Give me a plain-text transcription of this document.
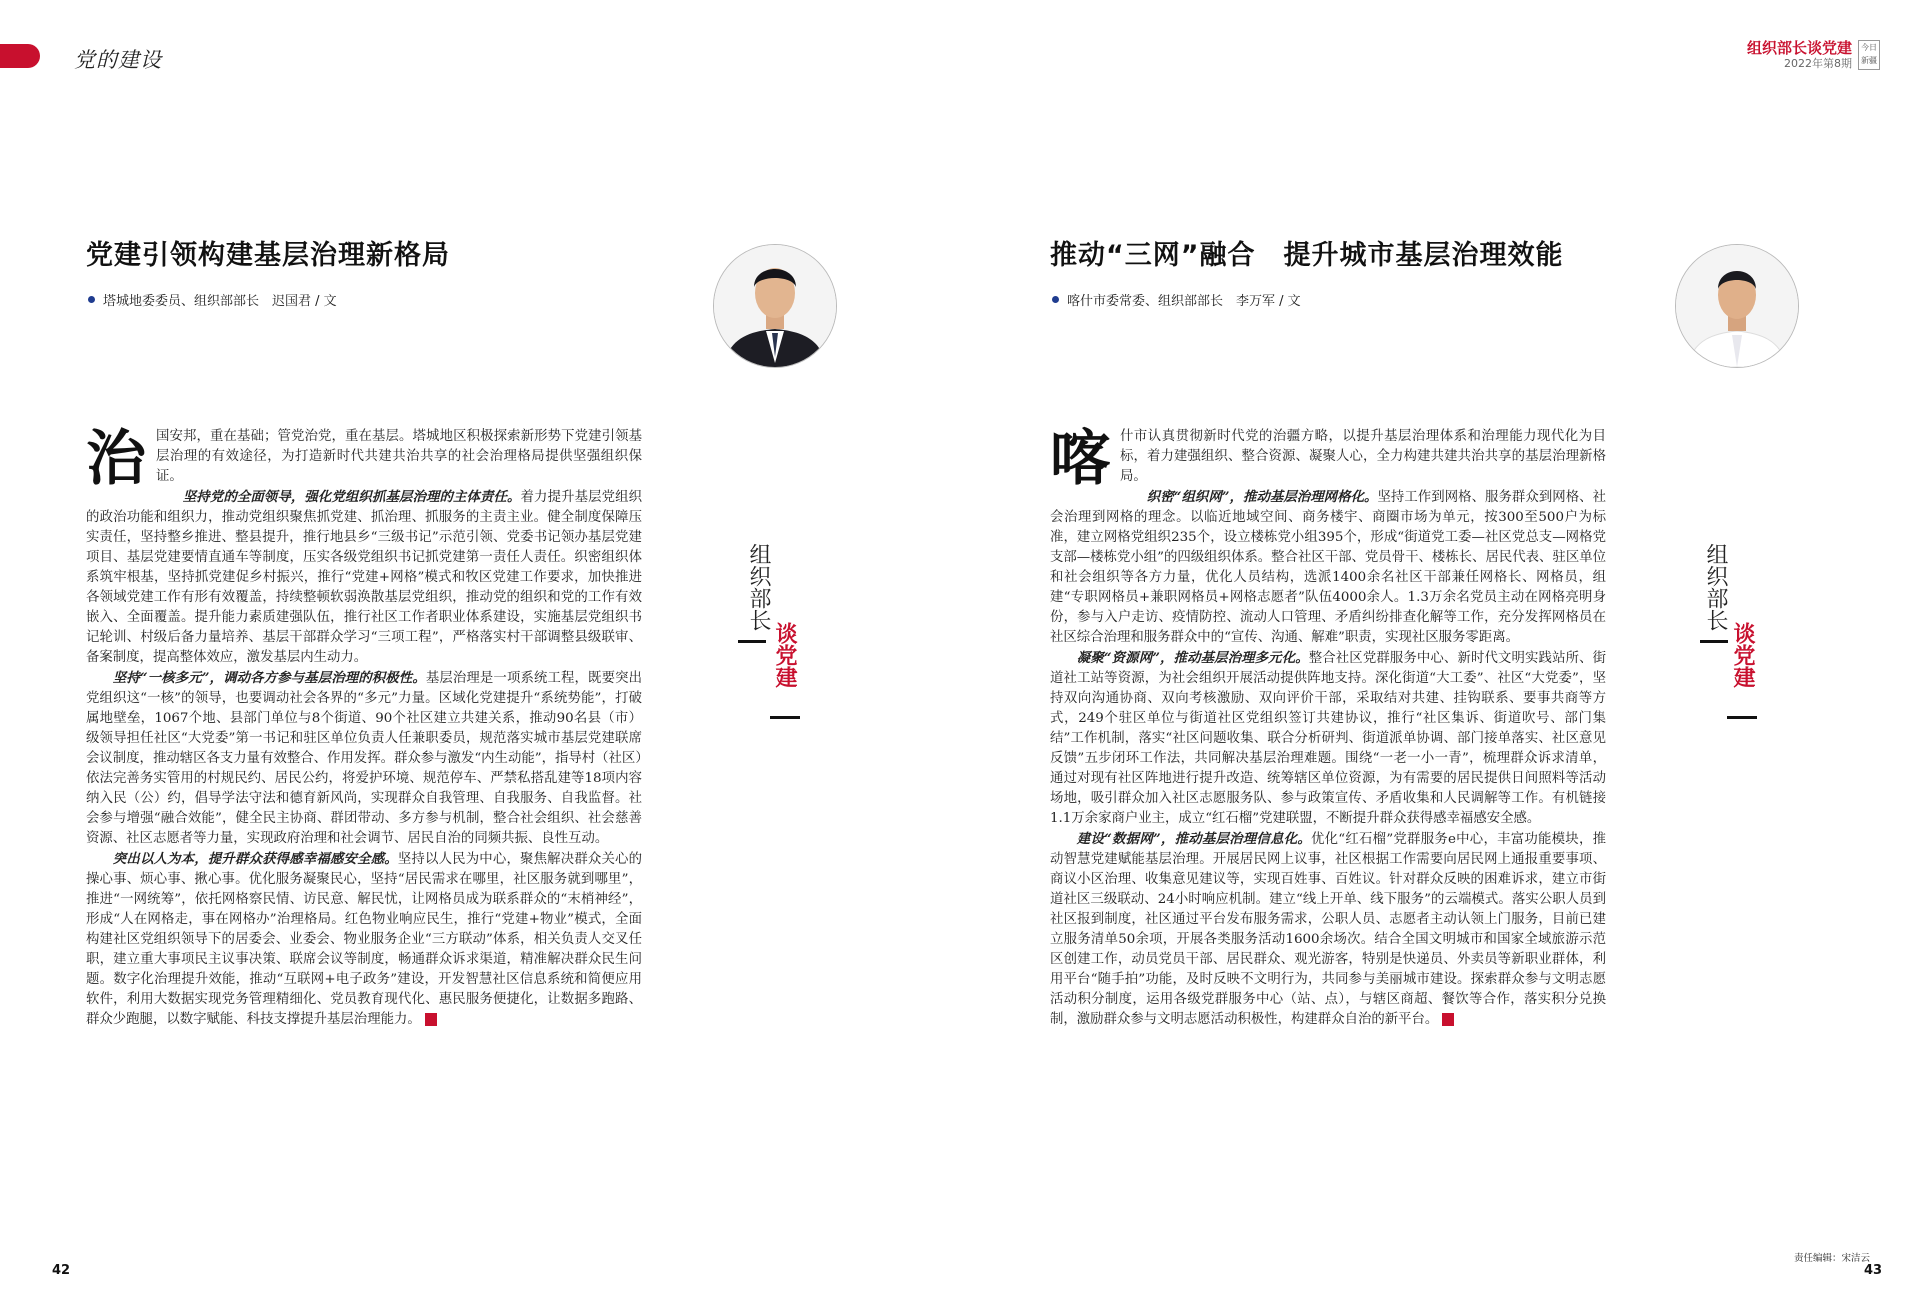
党的建设	组织部长谈党建
2022年第8期
今日新疆
党建引领构建基层治理新格局
塔城地委委员、组织部部长　迟国君 / 文
组织部长
谈党建

治国安邦，重在基础；管党治党，重在基层。塔城地区积极探索新形势下党建引领基层治理的有效途径，为打造新时代共建共治共享的社会治理格局提供坚强组织保证。

坚持党的全面领导，强化党组织抓基层治理的主体责任。着力提升基层党组织的政治功能和组织力，推动党组织聚焦抓党建、抓治理、抓服务的主责主业。健全制度保障压实责任，坚持整乡推进、整县提升，推行地县乡“三级书记”示范引领、党委书记领办基层党建项目、基层党建要情直通车等制度，压实各级党组织书记抓党建第一责任人责任。织密组织体系筑牢根基，坚持抓党建促乡村振兴，推行“党建+网格”模式和牧区党建工作要求，加快推进各领域党建工作有形有效覆盖，持续整顿软弱涣散基层党组织，推动党的组织和党的工作有效嵌入、全面覆盖。提升能力素质建强队伍，推行社区工作者职业体系建设，实施基层党组织书记轮训、村级后备力量培养、基层干部群众学习“三项工程”，严格落实村干部调整县级联审、备案制度，提高整体效应，激发基层内生动力。

坚持“一核多元”，调动各方参与基层治理的积极性。基层治理是一项系统工程，既要突出党组织这“一核”的领导，也要调动社会各界的“多元”力量。区域化党建提升“系统势能”，打破属地壁垒，1067个地、县部门单位与8个街道、90个社区建立共建关系，推动90名县（市）级领导担任社区“大党委”第一书记和驻区单位负责人任兼职委员，规范落实城市基层党建联席会议制度，推动辖区各支力量有效整合、作用发挥。群众参与激发“内生动能”，指导村（社区）依法完善务实管用的村规民约、居民公约，将爱护环境、规范停车、严禁私搭乱建等18项内容纳入民（公）约，倡导学法守法和德育新风尚，实现群众自我管理、自我服务、自我监督。社会参与增强“融合效能”，健全民主协商、群团带动、多方参与机制，整合社会组织、社会慈善资源、社区志愿者等力量，实现政府治理和社会调节、居民自治的同频共振、良性互动。

突出以人为本，提升群众获得感幸福感安全感。坚持以人民为中心，聚焦解决群众关心的操心事、烦心事、揪心事。优化服务凝聚民心，坚持“居民需求在哪里，社区服务就到哪里”，推进“一网统筹”，依托网格察民情、访民意、解民忧，让网格员成为联系群众的“末梢神经”，形成“人在网格走，事在网格办”治理格局。红色物业响应民生，推行“党建+物业”模式，全面构建社区党组织领导下的居委会、业委会、物业服务企业“三方联动”体系，相关负责人交叉任职，建立重大事项民主议事决策、联席会议等制度，畅通群众诉求渠道，精准解决群众民生问题。数字化治理提升效能，推动“互联网+电子政务”建设，开发智慧社区信息系统和简便应用软件，利用大数据实现党务管理精细化、党员教育现代化、惠民服务便捷化，让数据多跑路、群众少跑腿，以数字赋能、科技支撑提升基层治理能力。	J

42
推动“三网”融合　提升城市基层治理效能
喀什市委常委、组织部部长　李万军 / 文
组织部长
谈党建

喀什市认真贯彻新时代党的治疆方略，以提升基层治理体系和治理能力现代化为目标，着力建强组织、整合资源、凝聚人心，全力构建共建共治共享的基层治理新格局。

织密“组织网”，推动基层治理网格化。坚持工作到网格、服务群众到网格、社会治理到网格的理念。以临近地域空间、商务楼宇、商圈市场为单元，按300至500户为标准，建立网格党组织235个，设立楼栋党小组395个，形成“街道党工委—社区党总支—网格党支部—楼栋党小组”的四级组织体系。整合社区干部、党员骨干、楼栋长、居民代表、驻区单位和社会组织等各方力量，优化人员结构，选派1400余名社区干部兼任网格长、网格员，组建“专职网格员+兼职网格员+网格志愿者”队伍4000余人。1.3万余名党员主动在网格亮明身份，参与入户走访、疫情防控、流动人口管理、矛盾纠纷排查化解等工作，充分发挥网格员在社区综合治理和服务群众中的“宣传、沟通、解难”职责，实现社区服务零距离。

凝聚“资源网”，推动基层治理多元化。整合社区党群服务中心、新时代文明实践站所、街道社工站等资源，为社会组织开展活动提供阵地支持。深化街道“大工委”、社区“大党委”，坚持双向沟通协商、双向考核激励、双向评价干部，采取结对共建、挂钩联系、要事共商等方式，249个驻区单位与街道社区党组织签订共建协议，推行“社区集诉、街道吹号、部门集结”工作机制，落实“社区问题收集、联合分析研判、街道派单协调、部门接单落实、社区意见反馈”五步闭环工作法，共同解决基层治理难题。围绕“一老一小一青”，梳理群众诉求清单，通过对现有社区阵地进行提升改造、统筹辖区单位资源，为有需要的居民提供日间照料等活动场地，吸引群众加入社区志愿服务队、参与政策宣传、矛盾收集和人民调解等工作。有机链接1.1万余家商户业主，成立“红石榴”党建联盟，不断提升群众获得感幸福感安全感。

建设“数据网”，推动基层治理信息化。优化“红石榴”党群服务e中心，丰富功能模块，推动智慧党建赋能基层治理。开展居民网上议事，社区根据工作需要向居民网上通报重要事项、商议小区治理、收集意见建议等，实现百姓事、百姓议。针对群众反映的困难诉求，建立市街道社区三级联动、24小时响应机制。建立“线上开单、线下服务”的云端模式。落实公职人员到社区报到制度，社区通过平台发布服务需求，公职人员、志愿者主动认领上门服务，目前已建立服务清单50余项，开展各类服务活动1600余场次。结合全国文明城市和国家全域旅游示范区创建工作，动员党员干部、居民群众、观光游客，特别是快递员、外卖员等新职业群体，利用平台“随手拍”功能，及时反映不文明行为，共同参与美丽城市建设。探索群众参与文明志愿活动积分制度，运用各级党群服务中心（站、点），与辖区商超、餐饮等合作，落实积分兑换制，激励群众参与文明志愿活动积极性，构建群众自治的新平台。	J

责任编辑：宋洁云
43
